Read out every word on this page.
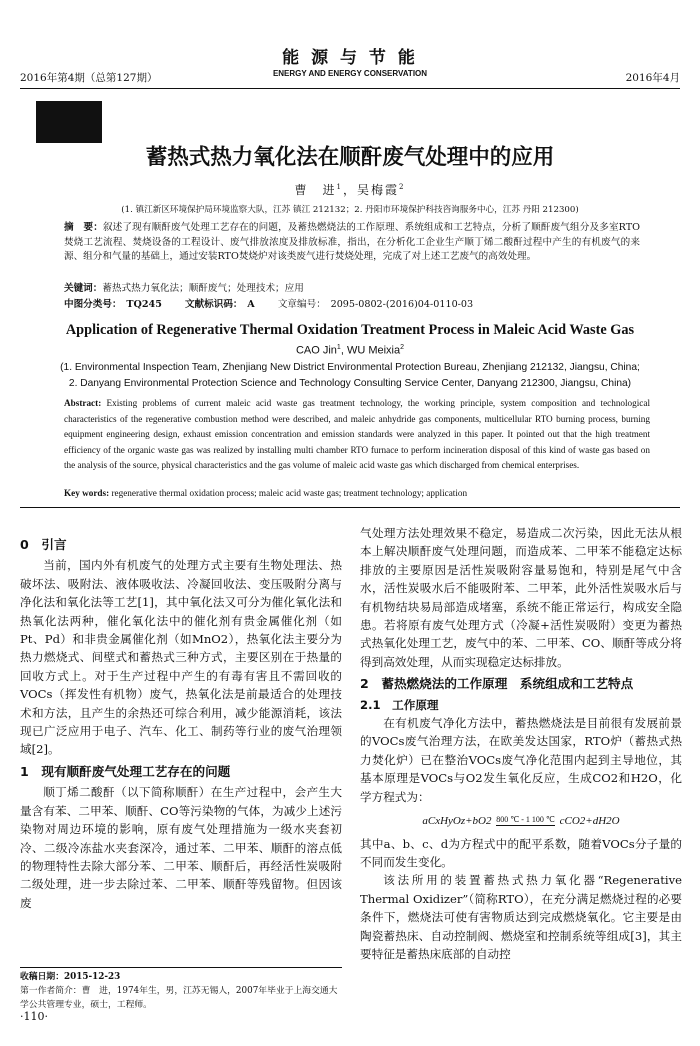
2016年第4期（总第127期）
能 源 与 节 能
ENERGY AND ENERGY CONSERVATION	2016年4月
蓄热式热力氧化法在顺酐废气处理中的应用
曹　进$^1$，吴梅霞$^2$
(1. 镇江新区环境保护局环境监察大队，江苏 镇江 212132；2. 丹阳市环境保护科技咨询服务中心，江苏 丹阳 212300)
摘　要：叙述了现有顺酐废气处理工艺存在的问题，及蓄热燃烧法的工作原理、系统组成和工艺特点，分析了顺酐废气组分及多室RTO焚烧工艺流程、焚烧设备的工程设计、废气排放浓度及排放标准，指出，在分析化工企业生产顺丁烯二酸酐过程中产生的有机废气的来源、组分和气量的基础上，通过安装RTO焚烧炉对该类废气进行焚烧处理，完成了对上述工艺废气的高效处理。
关键词：蓄热式热力氧化法；顺酐废气；处理技术；应用
中图分类号：　TQ245 文献标识码：　A 文章编号：　2095-0802-(2016)04-0110-03
Application of Regenerative Thermal Oxidation Treatment Process in Maleic Acid Waste Gas
CAO Jin$^1$, WU Meixia$^2$
(1. Environmental Inspection Team, Zhenjiang New District Environmental Protection Bureau, Zhenjiang 212132, Jiangsu, China;
2. Danyang Environmental Protection Science and Technology Consulting Service Center, Danyang 212300, Jiangsu, China)
Abstract: Existing problems of current maleic acid waste gas treatment technology, the working principle, system composition and technological characteristics of the regenerative combustion method were described, and maleic anhydride gas components, multicellular RTO burning process, burning equipment engineering design, exhaust emission concentration and emission standards were analyzed in this paper. It pointed out that the high treatment efficiency of the organic waste gas was realized by installing multi chamber RTO furnace to perform incineration disposal of this kind of waste gas based on the analysis of the source, physical characteristics and the gas volume of maleic acid waste gas which discharged from chemical enterprises.
Key words: regenerative thermal oxidation process; maleic acid waste gas; treatment technology; application
0　引言

当前，国内外有机废气的处理方式主要有生物处理法、热破坏法、吸附法、液体吸收法、冷凝回收法、变压吸附分离与净化法和氧化法等工艺[1]，其中氧化法又可分为催化氧化法和热氧化法两种，催化氧化法中的催化剂有贵金属催化剂（如Pt、Pd）和非贵金属催化剂（如MnO2），热氧化法主要分为热力燃烧式、间壁式和蓄热式三种方式，主要区别在于热量的回收方式上。对于生产过程中产生的有毒有害且不需回收的VOCs（挥发性有机物）废气，热氧化法是前最适合的处理技术和方法，且产生的余热还可综合利用，减少能源消耗，该法现已广泛应用于电子、汽车、化工、制药等行业的废气治理领域[2]。

1　现有顺酐废气处理工艺存在的问题

顺丁烯二酸酐（以下简称顺酐）在生产过程中，会产生大量含有苯、二甲苯、顺酐、CO等污染物的气体，为减少上述污染物对周边环境的影响，原有废气处理措施为一级水夹套初冷、二级冷冻盐水夹套深冷，通过苯、二甲苯、顺酐的溶点低的物理特性去除大部分苯、二甲苯、顺酐后，再经活性炭吸附二级处理，进一步去除过苯、二甲苯、顺酐等残留物。但因该废

气处理方法处理效果不稳定，易造成二次污染，因此无法从根本上解决顺酐废气处理问题，而造成苯、二甲苯不能稳定达标排放的主要原因是活性炭吸附容量易饱和，特别是尾气中含水，活性炭吸水后不能吸附苯、二甲苯，此外活性炭吸水后与有机物结块易局部造成堵塞，系统不能正常运行，构成安全隐患。若将原有废气处理方式（冷凝+活性炭吸附）变更为蓄热式热氧化处理工艺，废气中的苯、二甲苯、CO、顺酐等成分将得到高效处理，从而实现稳定达标排放。

2　蓄热燃烧法的工作原理　系统组成和工艺特点
2.1　工作原理

在有机废气净化方法中，蓄热燃烧法是目前很有发展前景的VOCs废气治理方法，在欧美发达国家，RTO炉（蓄热式热力焚化炉）已在整治VOCs废气净化范围内起到主导地位，其基本原理是VOCs与O2发生氧化反应，生成CO2和H2O，化学方程式为：

aCxHyOz+bO2 800 ℃ - 1 100 ℃ cCO2+dH2O

其中a、b、c、d为方程式中的配平系数，随着VOCs分子量的不同而发生变化。

该法所用的装置蓄热式热力氧化器“Regenerative Thermal Oxidizer”（简称RTO），在充分满足燃烧过程的必要条件下，燃烧法可使有害物质达到完成燃烧氧化。它主要是由陶瓷蓄热床、自动控制阀、燃烧室和控制系统等组成[3]，其主要特征是蓄热床底部的自动控

收稿日期：2015-12-23
第一作者简介：曹　进，1974年生，男，江苏无锡人，2007年毕业于上海交通大学公共管理专业，硕士，工程师。
·110·
